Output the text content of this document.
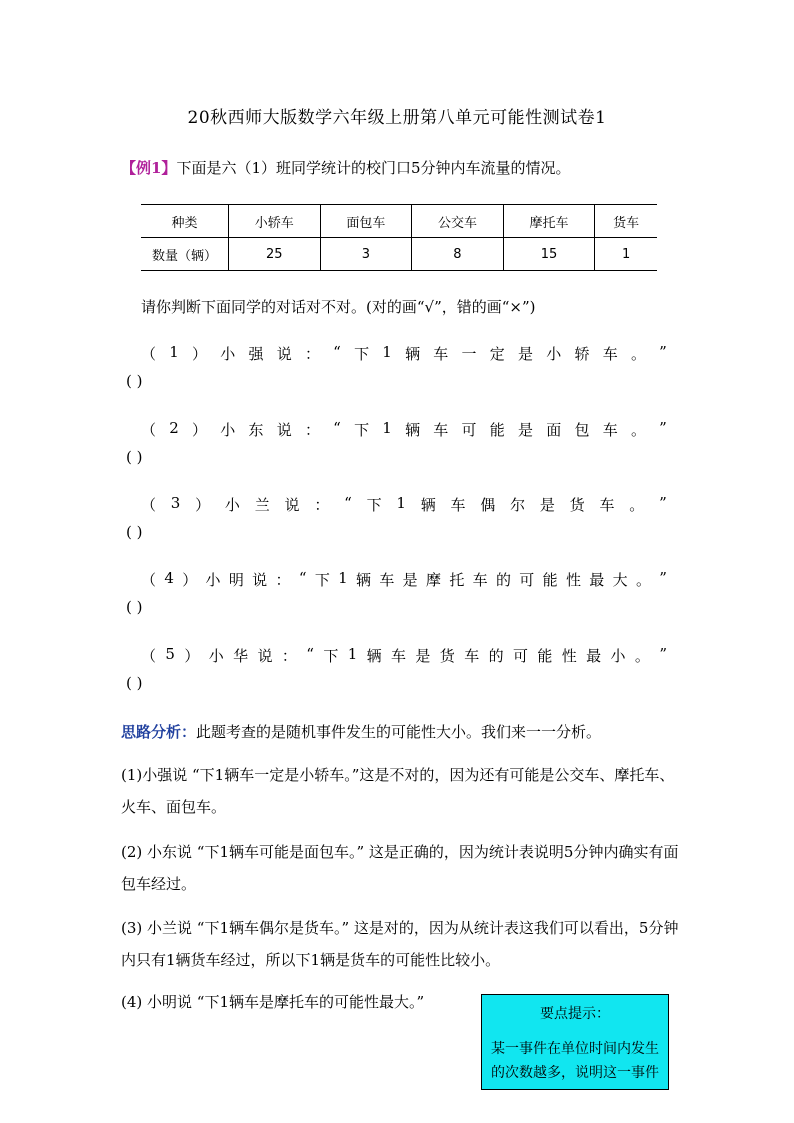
20秋西师大版数学六年级上册第八单元可能性测试卷1
【例1】下面是六（1）班同学统计的校门口5分钟内车流量的情况。
种类	小轿车	面包车	公交车	摩托车	货车
数量（辆）	25	3	8	15	1
请你判断下面同学的对话对不对。(对的画“√”，错的画“×”)
（ 1 ） 小 强 说 ： “ 下 1 辆 车 一 定 是 小 轿 车 。 ”
( )
（ 2 ） 小 东 说 ： “ 下 1 辆 车 可 能 是 面 包 车 。 ”
( )
（ 3 ） 小 兰 说 ： “ 下 1 辆 车 偶 尔 是 货 车 。 ”
( )
（ 4 ） 小 明 说 ： “ 下 1 辆 车 是 摩 托 车 的 可 能 性 最 大 。 ”
( )
（ 5 ） 小 华 说 ： “ 下 1 辆 车 是 货 车 的 可 能 性 最 小 。 ”
( )
思路分析：此题考查的是随机事件发生的可能性大小。我们来一一分析。
(1)小强说 “下1辆车一定是小轿车。”这是不对的，因为还有可能是公交车、摩托车、火车、面包车。
(2) 小东说 “下1辆车可能是面包车。” 这是正确的，因为统计表说明5分钟内确实有面包车经过。
(3) 小兰说 “下1辆车偶尔是货车。” 这是对的，因为从统计表这我们可以看出，5分钟内只有1辆货车经过，所以下1辆是货车的可能性比较小。
(4) 小明说 “下1辆车是摩托车的可能性最大。”
要点提示：
某一事件在单位时间内发生的次数越多，说明这一事件
